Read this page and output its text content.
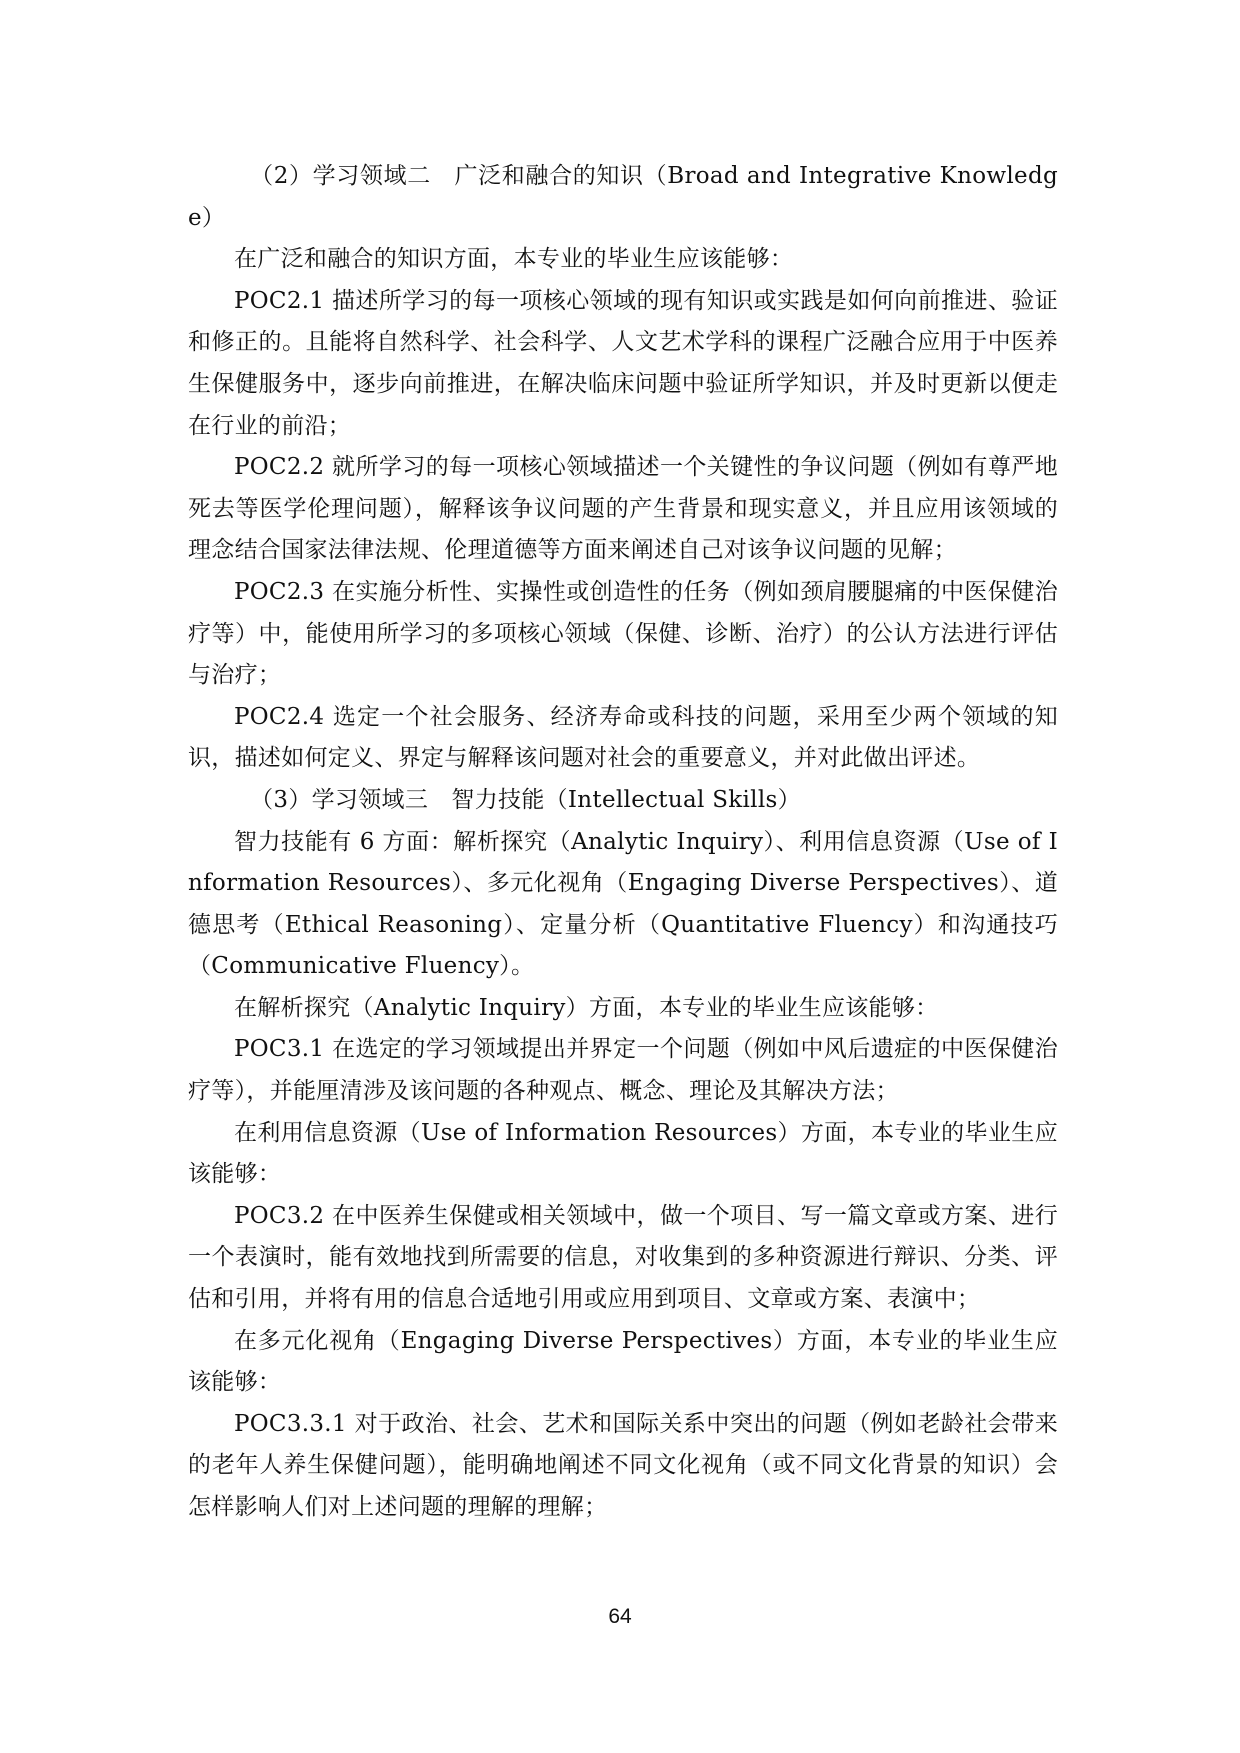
（2）学习领域二　广泛和融合的知识（Broad and Integrative Knowledge）

在广泛和融合的知识方面，本专业的毕业生应该能够：

POC2.1 描述所学习的每一项核心领域的现有知识或实践是如何向前推进、验证和修正的。且能将自然科学、社会科学、人文艺术学科的课程广泛融合应用于中医养生保健服务中，逐步向前推进，在解决临床问题中验证所学知识，并及时更新以便走在行业的前沿；

POC2.2 就所学习的每一项核心领域描述一个关键性的争议问题（例如有尊严地死去等医学伦理问题），解释该争议问题的产生背景和现实意义，并且应用该领域的理念结合国家法律法规、伦理道德等方面来阐述自己对该争议问题的见解；

POC2.3 在实施分析性、实操性或创造性的任务（例如颈肩腰腿痛的中医保健治疗等）中，能使用所学习的多项核心领域（保健、诊断、治疗）的公认方法进行评估与治疗；

POC2.4 选定一个社会服务、经济寿命或科技的问题，采用至少两个领域的知识，描述如何定义、界定与解释该问题对社会的重要意义，并对此做出评述。

（3）学习领域三　智力技能（Intellectual Skills）

智力技能有 6 方面：解析探究（Analytic Inquiry）、利用信息资源（Use of Information Resources）、多元化视角（Engaging Diverse Perspectives）、道德思考（Ethical Reasoning）、定量分析（Quantitative Fluency）和沟通技巧（Communicative Fluency）。

在解析探究（Analytic Inquiry）方面，本专业的毕业生应该能够：

POC3.1 在选定的学习领域提出并界定一个问题（例如中风后遗症的中医保健治疗等），并能厘清涉及该问题的各种观点、概念、理论及其解决方法；

在利用信息资源（Use of Information Resources）方面，本专业的毕业生应该能够：

POC3.2 在中医养生保健或相关领域中，做一个项目、写一篇文章或方案、进行一个表演时，能有效地找到所需要的信息，对收集到的多种资源进行辩识、分类、评估和引用，并将有用的信息合适地引用或应用到项目、文章或方案、表演中；

在多元化视角（Engaging Diverse Perspectives）方面，本专业的毕业生应该能够：

POC3.3.1 对于政治、社会、艺术和国际关系中突出的问题（例如老龄社会带来的老年人养生保健问题），能明确地阐述不同文化视角（或不同文化背景的知识）会怎样影响人们对上述问题的理解的理解；

64
